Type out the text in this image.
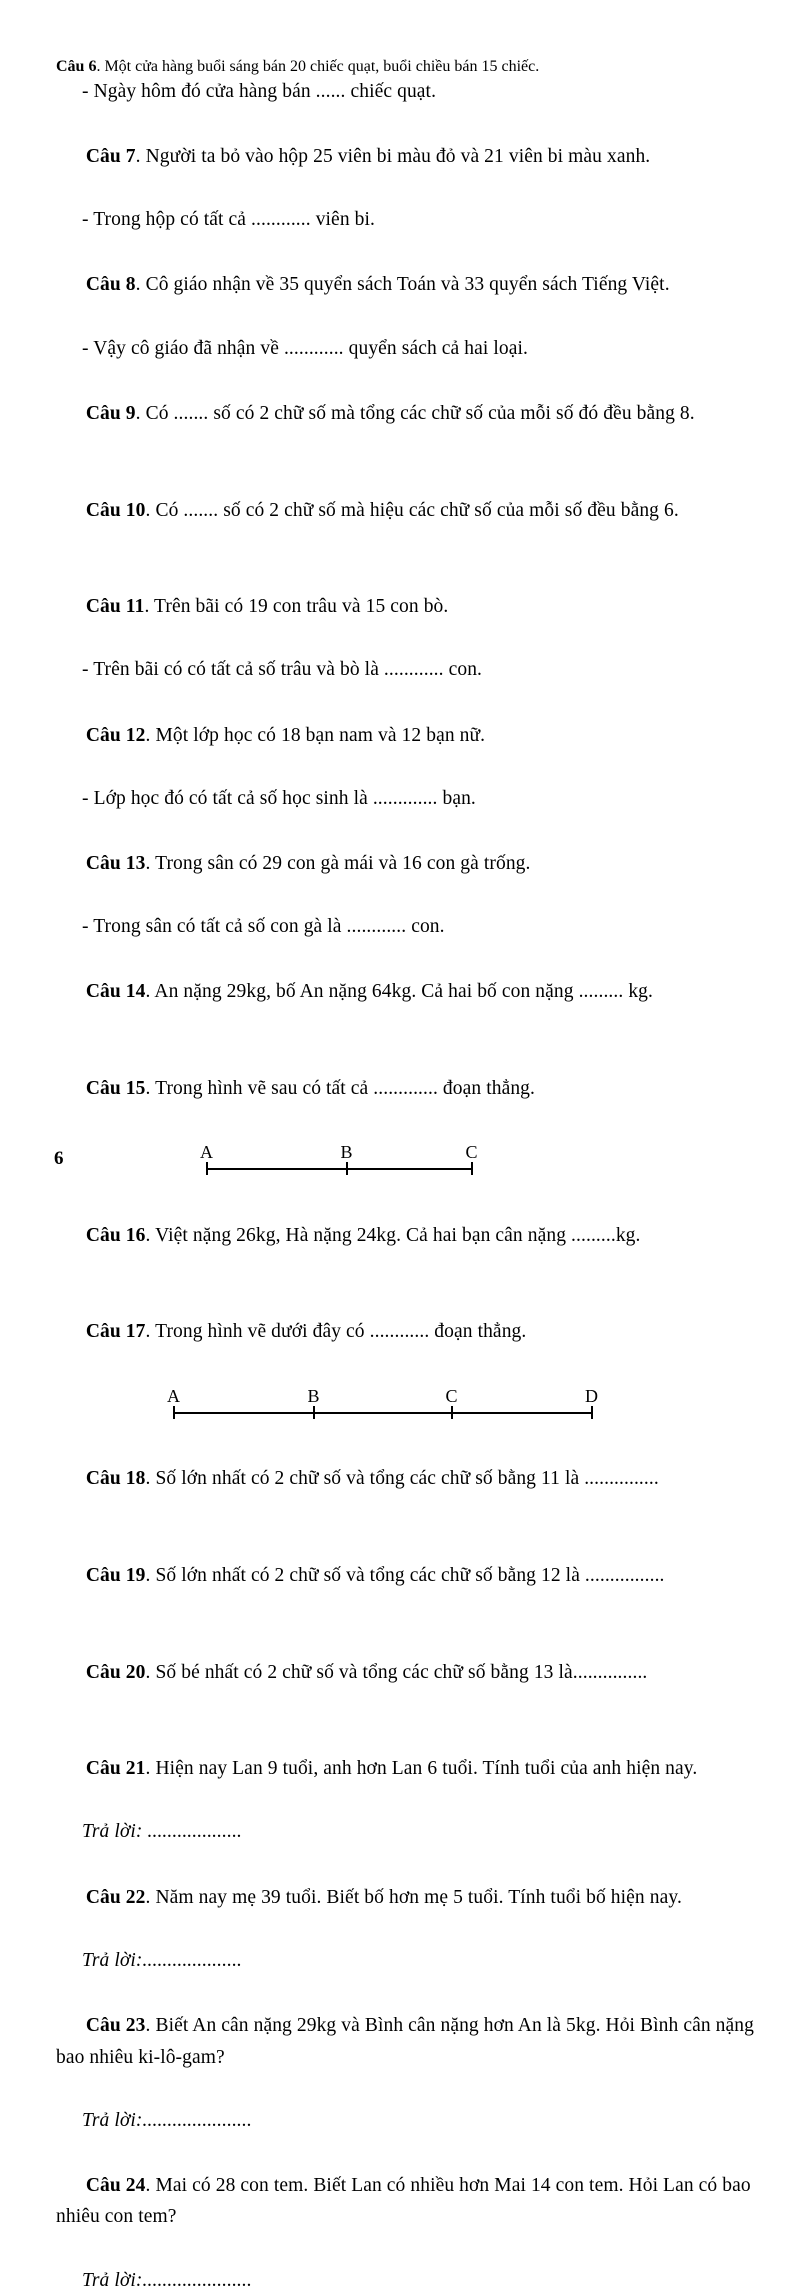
Câu 6. Một cửa hàng buổi sáng bán 20 chiếc quạt, buổi chiều bán 15 chiếc.
- Ngày hôm đó cửa hàng bán ...... chiếc quạt.

Câu 7. Người ta bỏ vào hộp 25 viên bi màu đỏ và 21 viên bi màu xanh.

- Trong hộp có tất cả ............ viên bi.

Câu 8. Cô giáo nhận về 35 quyển sách Toán và 33 quyển sách Tiếng Việt.

- Vậy cô giáo đã nhận về ............ quyển sách cả hai loại.

Câu 9. Có ....... số có 2 chữ số mà tổng các chữ số của mỗi số đó đều bằng 8.

Câu 10. Có ....... số có 2 chữ số mà hiệu các chữ số của mỗi số đều bằng 6.

Câu 11. Trên bãi có 19 con trâu và 15 con bò.

- Trên bãi có có tất cả số trâu và bò là ............ con.

Câu 12. Một lớp học có 18 bạn nam và 12 bạn nữ.

- Lớp học đó có tất cả số học sinh là ............. bạn.

Câu 13. Trong sân có 29 con gà mái và 16 con gà trống.

- Trong sân có tất cả số con gà là ............ con.

Câu 14. An nặng 29kg, bố An nặng 64kg. Cả hai bố con nặng ......... kg.

Câu 15. Trong hình vẽ sau có tất cả ............. đoạn thẳng.

A	B	C

Câu 16. Việt nặng 26kg, Hà nặng 24kg. Cả hai bạn cân nặng .........kg.

Câu 17. Trong hình vẽ dưới đây có ............ đoạn thẳng.

A	B	C	D

Câu 18. Số lớn nhất có 2 chữ số và tổng các chữ số bằng 11 là ...............

Câu 19. Số lớn nhất có 2 chữ số và tổng các chữ số bằng 12 là ................

Câu 20. Số bé nhất có 2 chữ số và tổng các chữ số bằng 13 là...............

Câu 21. Hiện nay Lan 9 tuổi, anh hơn Lan 6 tuổi. Tính tuổi của anh hiện nay.

Trả lời: ...................

Câu 22. Năm nay mẹ 39 tuổi. Biết bố hơn mẹ 5 tuổi. Tính tuổi bố hiện nay.

Trả lời:....................

Câu 23. Biết An cân nặng 29kg và Bình cân nặng hơn An là 5kg. Hỏi Bình cân nặng bao nhiêu ki-lô-gam?

Trả lời:......................

Câu 24. Mai có 28 con tem. Biết Lan có nhiều hơn Mai 14 con tem. Hỏi Lan có bao nhiêu con tem?

Trả lời:......................
6
